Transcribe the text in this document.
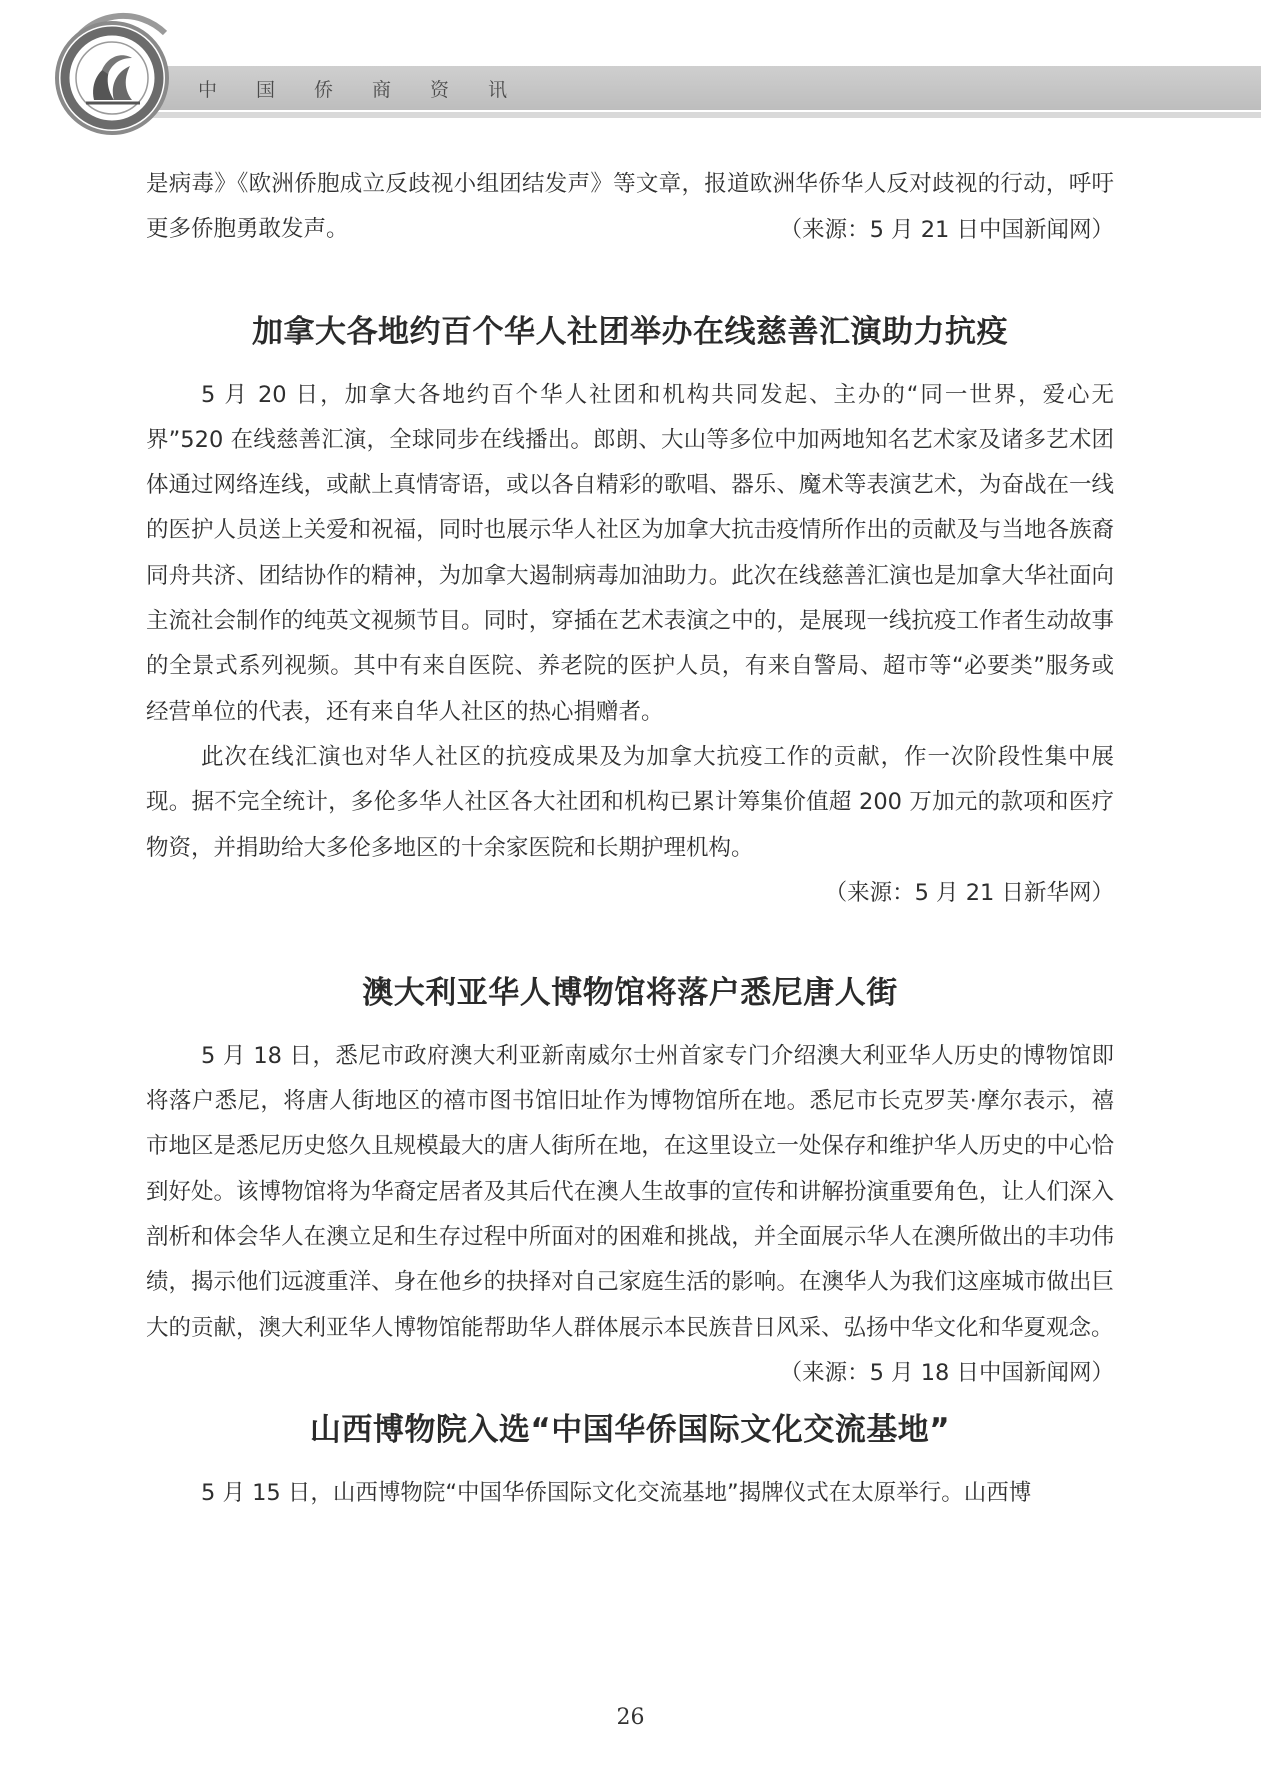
中	国	侨	商	资	讯

是病毒》《欧洲侨胞成立反歧视小组团结发声》等文章，报道欧洲华侨华人反对歧视的行动，呼吁更多侨胞勇敢发声。	（来源：5 月 21 日中国新闻网）
加拿大各地约百个华人社团举办在线慈善汇演助力抗疫

5 月 20 日，加拿大各地约百个华人社团和机构共同发起、主办的“同一世界，爱心无界”520 在线慈善汇演，全球同步在线播出。郎朗、大山等多位中加两地知名艺术家及诸多艺术团体通过网络连线，或献上真情寄语，或以各自精彩的歌唱、器乐、魔术等表演艺术，为奋战在一线的医护人员送上关爱和祝福，同时也展示华人社区为加拿大抗击疫情所作出的贡献及与当地各族裔同舟共济、团结协作的精神，为加拿大遏制病毒加油助力。此次在线慈善汇演也是加拿大华社面向主流社会制作的纯英文视频节目。同时，穿插在艺术表演之中的，是展现一线抗疫工作者生动故事的全景式系列视频。其中有来自医院、养老院的医护人员，有来自警局、超市等“必要类”服务或经营单位的代表，还有来自华人社区的热心捐赠者。

此次在线汇演也对华人社区的抗疫成果及为加拿大抗疫工作的贡献，作一次阶段性集中展现。据不完全统计，多伦多华人社区各大社团和机构已累计筹集价值超 200 万加元的款项和医疗物资，并捐助给大多伦多地区的十余家医院和长期护理机构。

（来源：5 月 21 日新华网）
澳大利亚华人博物馆将落户悉尼唐人街

5 月 18 日，悉尼市政府澳大利亚新南威尔士州首家专门介绍澳大利亚华人历史的博物馆即将落户悉尼，将唐人街地区的禧市图书馆旧址作为博物馆所在地。悉尼市长克罗芙·摩尔表示，禧市地区是悉尼历史悠久且规模最大的唐人街所在地，在这里设立一处保存和维护华人历史的中心恰到好处。该博物馆将为华裔定居者及其后代在澳人生故事的宣传和讲解扮演重要角色，让人们深入剖析和体会华人在澳立足和生存过程中所面对的困难和挑战，并全面展示华人在澳所做出的丰功伟绩，揭示他们远渡重洋、身在他乡的抉择对自己家庭生活的影响。在澳华人为我们这座城市做出巨大的贡献，澳大利亚华人博物馆能帮助华人群体展示本民族昔日风采、弘扬中华文化和华夏观念。
（来源：5 月 18 日中国新闻网）

山西博物院入选“中国华侨国际文化交流基地”

5 月 15 日，山西博物院“中国华侨国际文化交流基地”揭牌仪式在太原举行。山西博

26
